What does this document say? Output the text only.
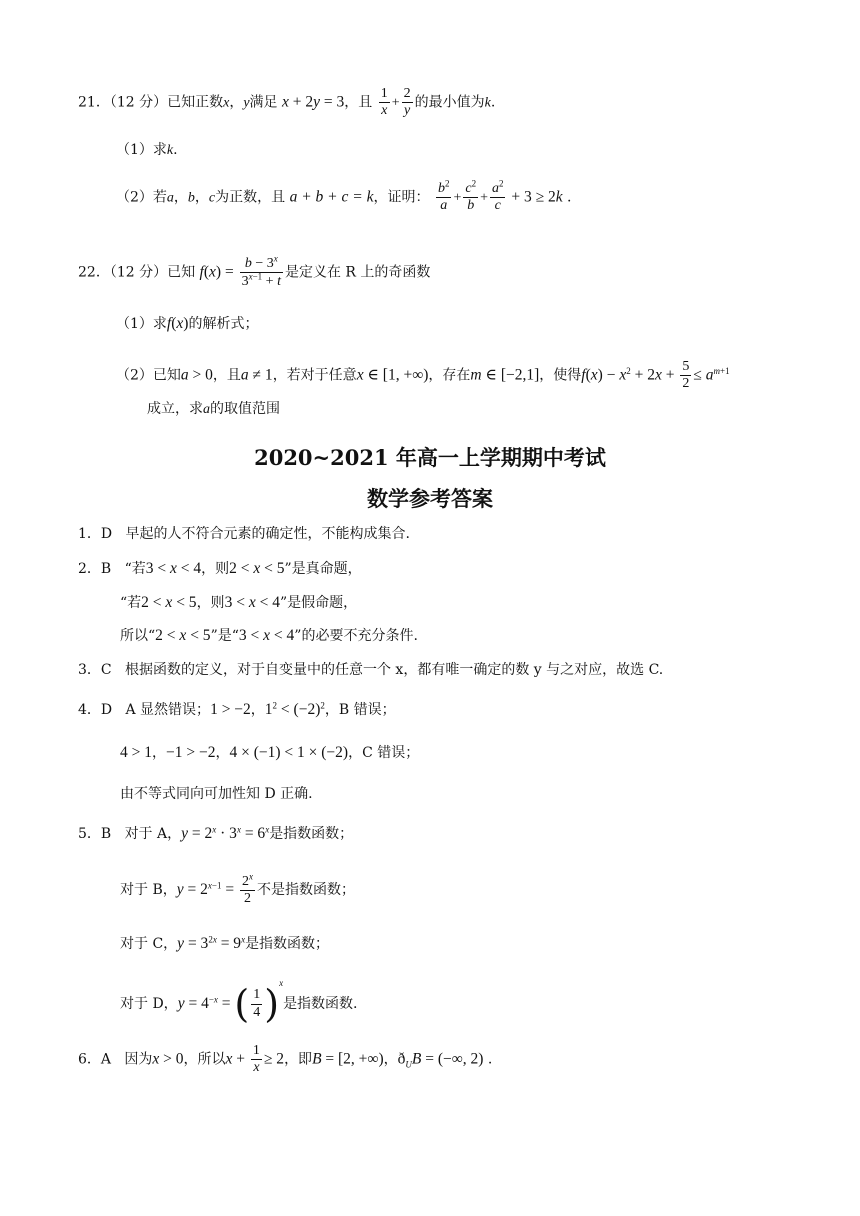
21．（12 分）已知正数x，y满足 x + 2y = 3，且 $\frac{1}{x} + \frac{2}{y}$ 的最小值为k.
（1）求k.
（2）若a，b，c为正数，且 a + b + c = k，证明： $\frac{b^2}{a} + \frac{c^2}{b} + \frac{a^2}{c} + 3 \ge 2k$ .
22．（12 分）已知 $f(x) = \frac{b - 3^x}{3^{x-1} + t}$ 是定义在 R 上的奇函数
（1）求f(x)的解析式；
（2）已知a > 0，且a ≠ 1，若对于任意x ∈ [1, +∞)，存在m ∈ [−2,1]，使得$f(x) - x^2 + 2x + \frac{5}{2} \le a^{m+1}$
成立，求a的取值范围
2020~2021 年高一上学期期中考试
数学参考答案
1．D 早起的人不符合元素的确定性，不能构成集合.
2．B “若3 < x < 4，则2 < x < 5”是真命题，
“若2 < x < 5，则3 < x < 4”是假命题，
所以“2 < x < 5”是“3 < x < 4”的必要不充分条件.
3．C 根据函数的定义，对于自变量中的任意一个 x，都有唯一确定的数 y 与之对应，故选 C.
4．D A 显然错误；1 > −2，$1^2 < (-2)^2$，B 错误；
4 > 1，−1 > −2，4 × (−1) < 1 × (−2)，C 错误；
由不等式同向可加性知 D 正确.
5．B 对于 A，$y = 2^x \cdot 3^x = 6^x$是指数函数；
对于 B，$y = 2^{x-1} = \frac{2^x}{2}$ 不是指数函数；
对于 C，$y = 3^{2x} = 9^x$是指数函数；
对于 D，$y = 4^{-x}$ = ( $\frac{1}{4} )^x$是指数函数.
6．A 因为x > 0，所以$x + \frac{1}{x} \ge 2$，即B = [2, +∞)，$ð_UB$ = (−∞, 2) .
